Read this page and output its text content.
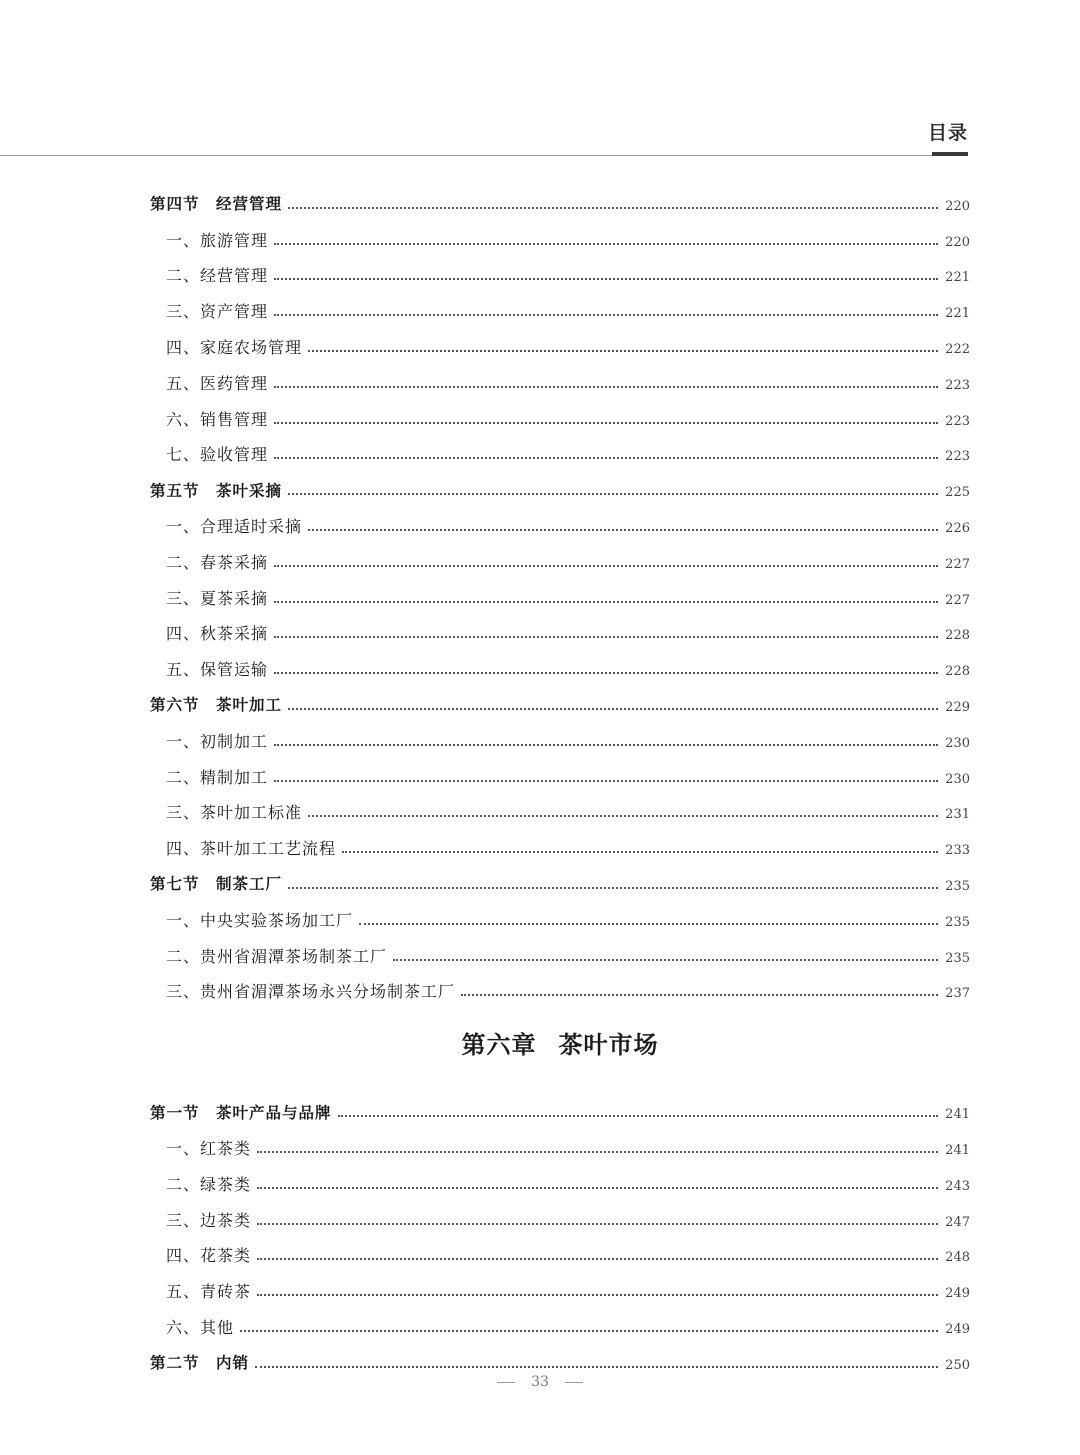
目录
第四节　经营管理	220
一、旅游管理	220
二、经营管理	221
三、资产管理	221
四、家庭农场管理	222
五、医药管理	223
六、销售管理	223
七、验收管理	223
第五节　茶叶采摘	225
一、合理适时采摘	226
二、春茶采摘	227
三、夏茶采摘	227
四、秋茶采摘	228
五、保管运输	228
第六节　茶叶加工	229
一、初制加工	230
二、精制加工	230
三、茶叶加工标准	231
四、茶叶加工工艺流程	233
第七节　制茶工厂	235
一、中央实验茶场加工厂	235
二、贵州省湄潭茶场制茶工厂	235
三、贵州省湄潭茶场永兴分场制茶工厂	237
第六章 茶叶市场
第一节　茶叶产品与品牌	241
一、红茶类	241
二、绿茶类	243
三、边茶类	247
四、花茶类	248
五、青砖茶	249
六、其他	249
第二节　内销	250
33
